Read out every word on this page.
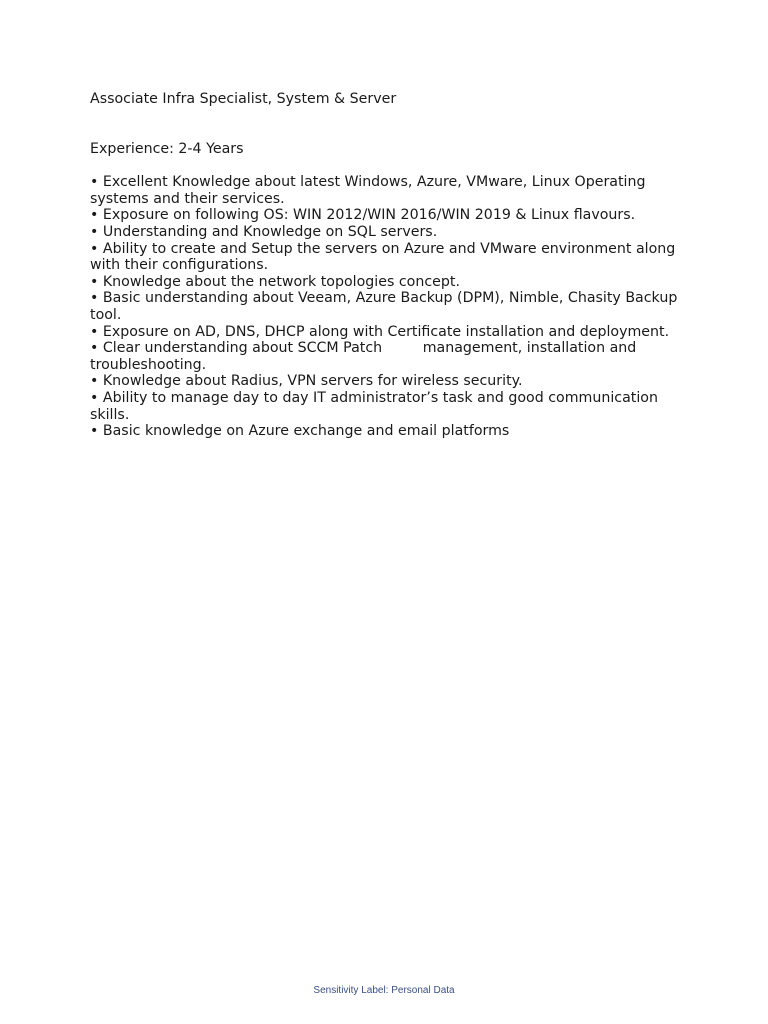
Associate Infra Specialist, System & Server

Experience: 2-4 Years

• Excellent Knowledge about latest Windows, Azure, VMware, Linux Operating systems and their services.
• Exposure on following OS: WIN 2012/WIN 2016/WIN 2019 & Linux flavours.
• Understanding and Knowledge on SQL servers.
• Ability to create and Setup the servers on Azure and VMware environment along with their configurations.
• Knowledge about the network topologies concept.
• Basic understanding about Veeam, Azure Backup (DPM), Nimble, Chasity Backup tool.
• Exposure on AD, DNS, DHCP along with Certificate installation and deployment.
• Clear understanding about SCCM Patch         management, installation and troubleshooting.
• Knowledge about Radius, VPN servers for wireless security.
• Ability to manage day to day IT administrator’s task and good communication skills.
• Basic knowledge on Azure exchange and email platforms
Sensitivity Label: Personal Data
